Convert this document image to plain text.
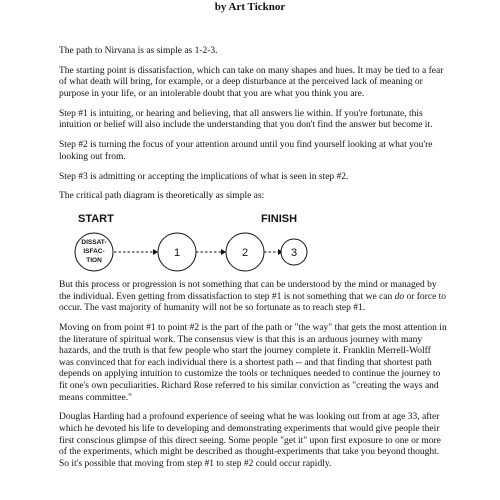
by Art Ticknor

The path to Nirvana is as simple as 1-2-3.

The starting point is dissatisfaction, which can take on many shapes and hues. It may be tied to a fear of what death will bring, for example, or a deep disturbance at the perceived lack of meaning or purpose in your life, or an intolerable doubt that you are what you think you are.

Step #1 is intuiting, or hearing and believing, that all answers lie within. If you're fortunate, this intuition or belief will also include the understanding that you don't find the answer but become it.

Step #2 is turning the focus of your attention around until you find yourself looking at what you're looking out from.

Step #3 is admitting or accepting the implications of what is seen in step #2.

The critical path diagram is theoretically as simple as:

START	FINISH
DISSAT-
ISFAC-
TION
1	2	3

But this process or progression is not something that can be understood by the mind or managed by the individual. Even getting from dissatisfaction to step #1 is not something that we can do or force to occur. The vast majority of humanity will not be so fortunate as to reach step #1.

Moving on from point #1 to point #2 is the part of the path or "the way" that gets the most attention in the literature of spiritual work. The consensus view is that this is an arduous journey with many hazards, and the truth is that few people who start the journey complete it. Franklin Merrell-Wolff was convinced that for each individual there is a shortest path -- and that finding that shortest path depends on applying intuition to customize the tools or techniques needed to continue the journey to fit one's own peculiarities. Richard Rose referred to his similar conviction as "creating the ways and means committee."

Douglas Harding had a profound experience of seeing what he was looking out from at age 33, after which he devoted his life to developing and demonstrating experiments that would give people their first conscious glimpse of this direct seeing. Some people "get it" upon first exposure to one or more of the experiments, which might be described as thought-experiments that take you beyond thought. So it's possible that moving from step #1 to step #2 could occur rapidly.
